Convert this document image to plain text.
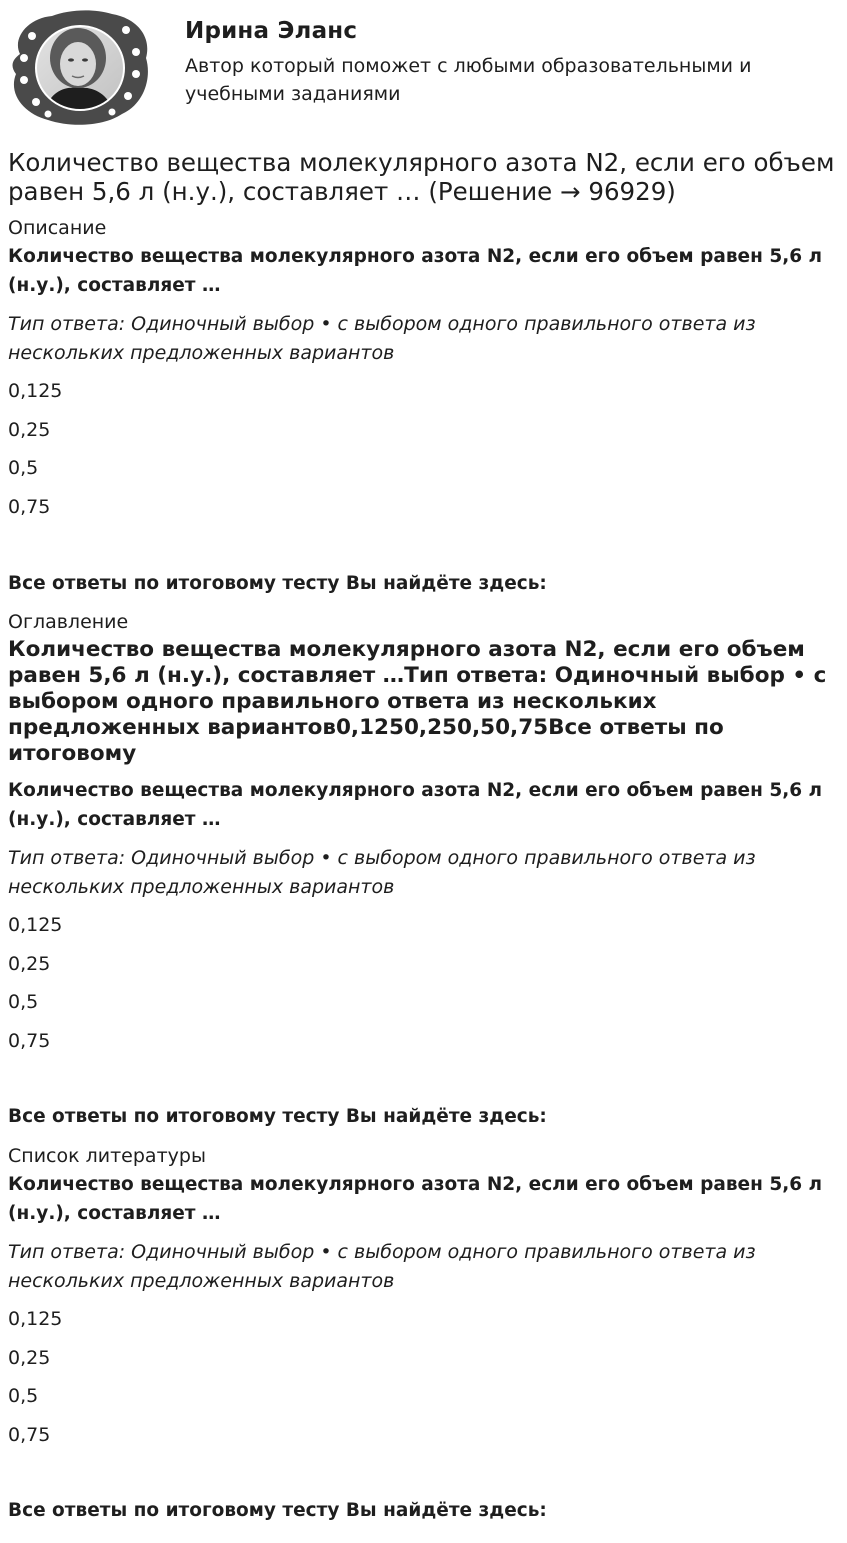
Ирина Эланс
Автор который поможет с любыми образовательными и учебными заданиями
Количество вещества молекулярного азота N2, если его объем равен 5,6 л (н.у.), составляет … (Решение → 96929)
Описание
Количество вещества молекулярного азота N2, если его объем равен 5,6 л (н.у.), составляет …
Тип ответа: Одиночный выбор • с выбором одного правильного ответа из нескольких предложенных вариантов
0,125
0,25
0,5
0,75
Все ответы по итоговому тесту Вы найдёте здесь:
Оглавление
Количество вещества молекулярного азота N2, если его объем равен 5,6 л (н.у.), составляет …Тип ответа: Одиночный выбор • с выбором одного правильного ответа из нескольких предложенных вариантов0,1250,250,50,75Все ответы по итоговому
Количество вещества молекулярного азота N2, если его объем равен 5,6 л (н.у.), составляет …
Тип ответа: Одиночный выбор • с выбором одного правильного ответа из нескольких предложенных вариантов
0,125
0,25
0,5
0,75
Все ответы по итоговому тесту Вы найдёте здесь:
Список литературы
Количество вещества молекулярного азота N2, если его объем равен 5,6 л (н.у.), составляет …
Тип ответа: Одиночный выбор • с выбором одного правильного ответа из нескольких предложенных вариантов
0,125
0,25
0,5
0,75
Все ответы по итоговому тесту Вы найдёте здесь:
